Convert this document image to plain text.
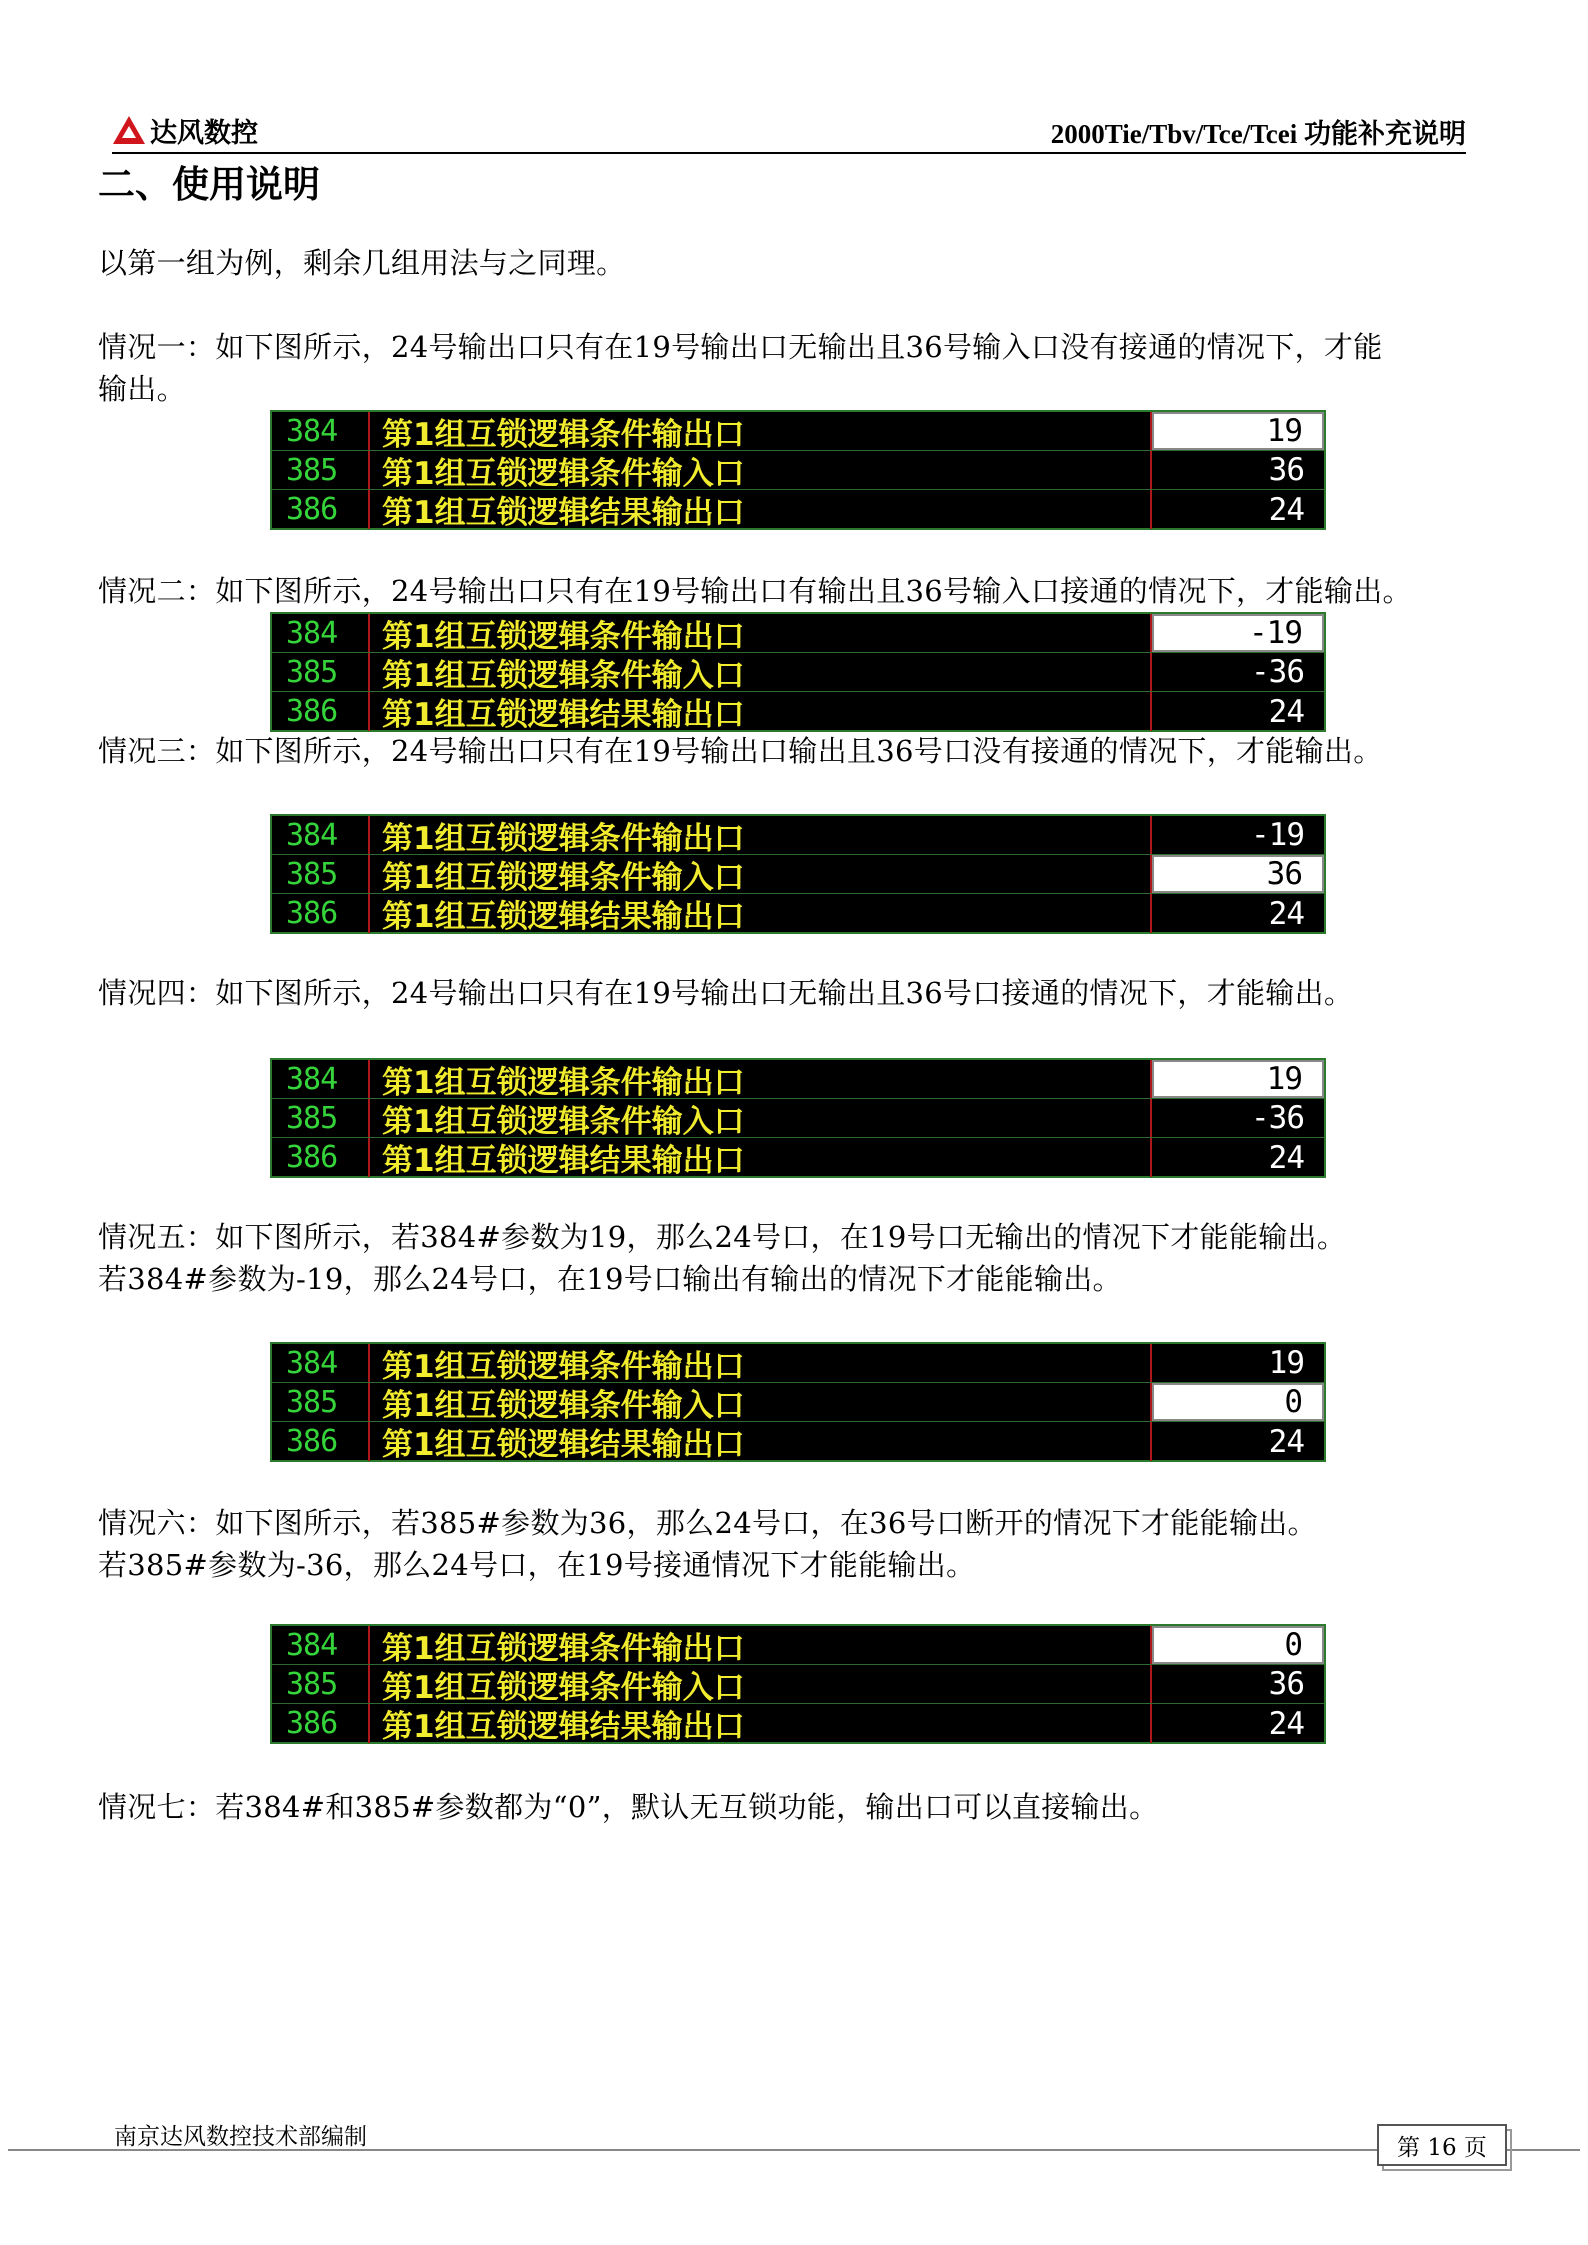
达风数控	2000Tie/Tbv/Tce/Tcei 功能补充说明
二、使用说明
以第一组为例，剩余几组用法与之同理。
情况一：如下图所示，24号输出口只有在19号输出口无输出且36号输入口没有接通的情况下，才能
输出。
384	第1组互锁逻辑条件输出口	19
385	第1组互锁逻辑条件输入口	36
386	第1组互锁逻辑结果输出口	24
情况二：如下图所示，24号输出口只有在19号输出口有输出且36号输入口接通的情况下，才能输出。
384	第1组互锁逻辑条件输出口	-19
385	第1组互锁逻辑条件输入口	-36
386	第1组互锁逻辑结果输出口	24
情况三：如下图所示，24号输出口只有在19号输出口输出且36号口没有接通的情况下，才能输出。
384	第1组互锁逻辑条件输出口	-19
385	第1组互锁逻辑条件输入口	36
386	第1组互锁逻辑结果输出口	24
情况四：如下图所示，24号输出口只有在19号输出口无输出且36号口接通的情况下，才能输出。
384	第1组互锁逻辑条件输出口	19
385	第1组互锁逻辑条件输入口	-36
386	第1组互锁逻辑结果输出口	24
情况五：如下图所示，若384#参数为19，那么24号口，在19号口无输出的情况下才能能输出。
若384#参数为-19，那么24号口，在19号口输出有输出的情况下才能能输出。
384	第1组互锁逻辑条件输出口	19
385	第1组互锁逻辑条件输入口	0
386	第1组互锁逻辑结果输出口	24
情况六：如下图所示，若385#参数为36，那么24号口，在36号口断开的情况下才能能输出。
若385#参数为-36，那么24号口，在19号接通情况下才能能输出。
384	第1组互锁逻辑条件输出口	0
385	第1组互锁逻辑条件输入口	36
386	第1组互锁逻辑结果输出口	24
情况七：若384#和385#参数都为“0”，默认无互锁功能，输出口可以直接输出。
南京达风数控技术部编制	第 16 页
